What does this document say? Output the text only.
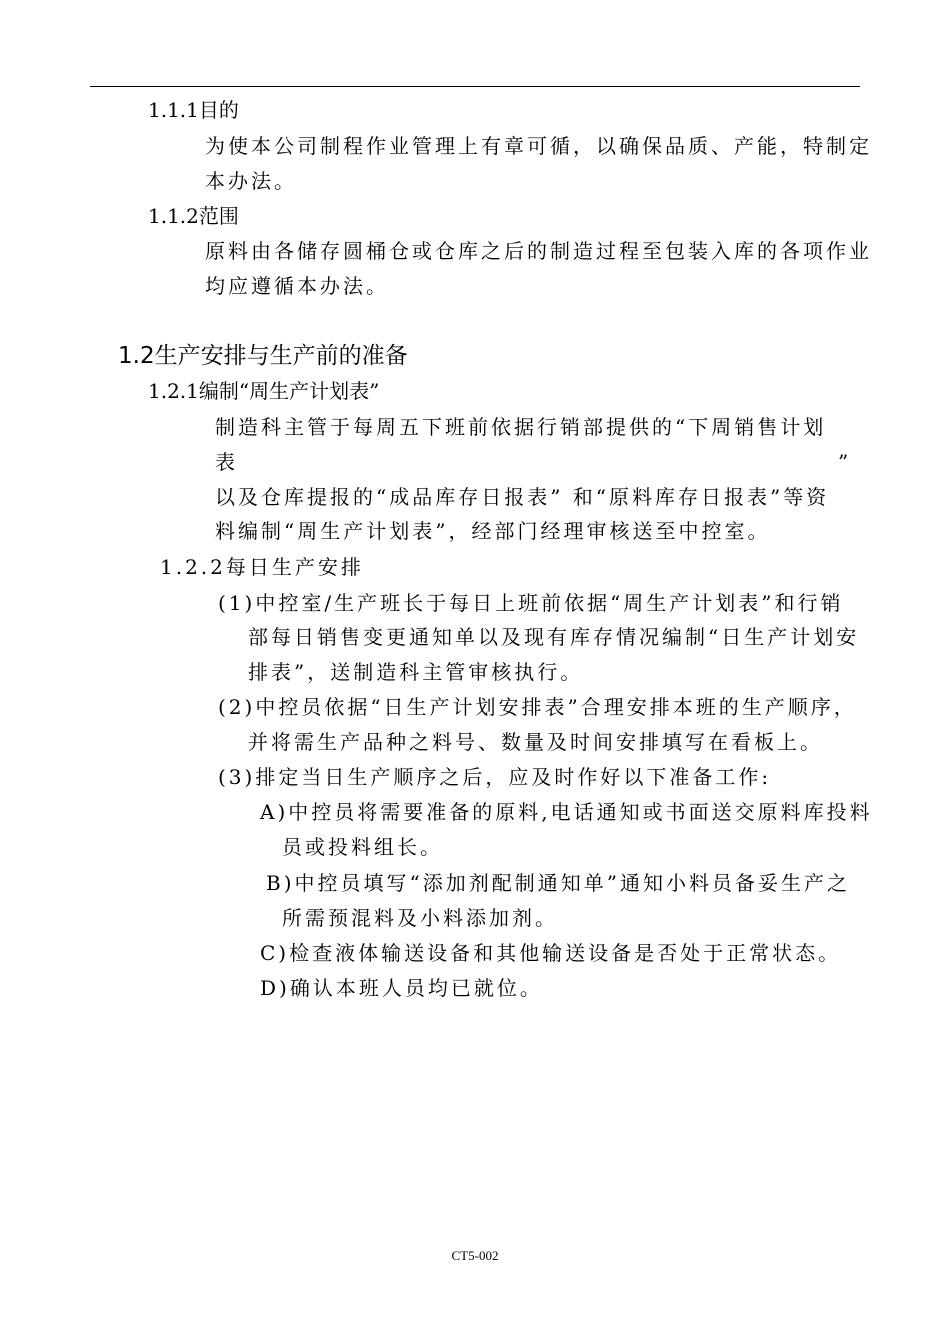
1.1.1目的
为使本公司制程作业管理上有章可循，以确保品质、产能，特制定
本办法。
1.1.2范围
原料由各储存圆桶仓或仓库之后的制造过程至包装入库的各项作业
均应遵循本办法。
1.2生产安排与生产前的准备
1.2.1编制“周生产计划表”
制造科主管于每周五下班前依据行销部提供的“下周销售计划
表	”
以及仓库提报的“成品库存日报表” 和“原料库存日报表”等资
料编制“周生产计划表”，经部门经理审核送至中控室。
1.2.2每日生产安排
(1)中控室/生产班长于每日上班前依据“周生产计划表”和行销
部每日销售变更通知单以及现有库存情况编制“日生产计划安
排表”，送制造科主管审核执行。
(2)中控员依据“日生产计划安排表”合理安排本班的生产顺序，
并将需生产品种之料号、数量及时间安排填写在看板上。
(3)排定当日生产顺序之后，应及时作好以下准备工作:
A)中控员将需要准备的原料,电话通知或书面送交原料库投料
员或投料组长。
B)中控员填写“添加剂配制通知单”通知小料员备妥生产之
所需预混料及小料添加剂。
C)检查液体输送设备和其他输送设备是否处于正常状态。
D)确认本班人员均已就位。
CT5-002
